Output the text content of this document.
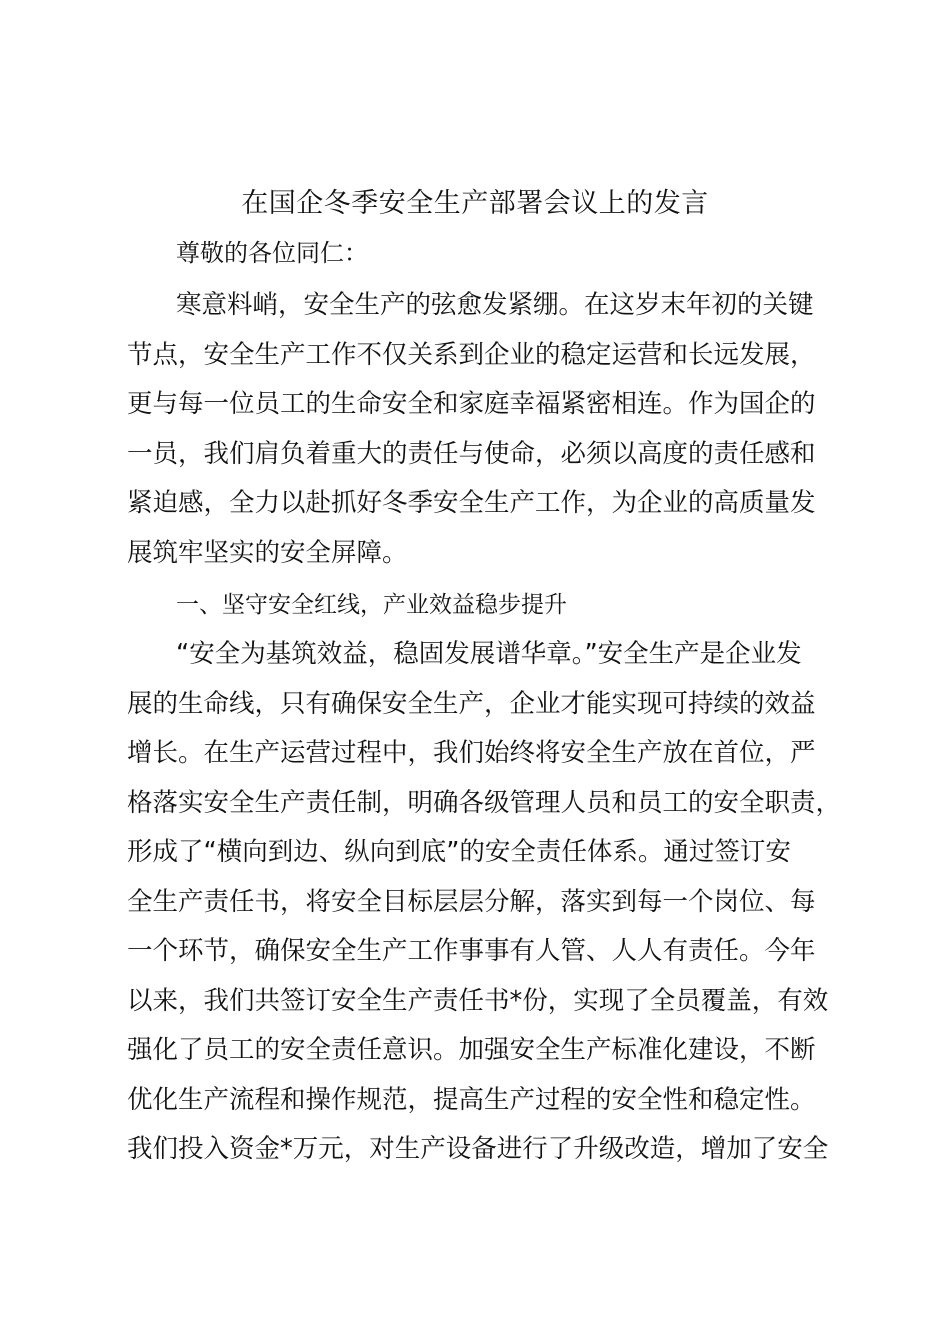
在国企冬季安全生产部署会议上的发言
尊敬的各位同仁：
寒意料峭，安全生产的弦愈发紧绷。在这岁末年初的关键
节点，安全生产工作不仅关系到企业的稳定运营和长远发展，
更与每一位员工的生命安全和家庭幸福紧密相连。作为国企的
一员，我们肩负着重大的责任与使命，必须以高度的责任感和
紧迫感，全力以赴抓好冬季安全生产工作，为企业的高质量发
展筑牢坚实的安全屏障。
一、坚守安全红线，产业效益稳步提升
“安全为基筑效益，稳固发展谱华章。”安全生产是企业发
展的生命线，只有确保安全生产，企业才能实现可持续的效益
增长。在生产运营过程中，我们始终将安全生产放在首位，严
格落实安全生产责任制，明确各级管理人员和员工的安全职责，
形成了“横向到边、纵向到底”的安全责任体系。通过签订安
全生产责任书，将安全目标层层分解，落实到每一个岗位、每
一个环节，确保安全生产工作事事有人管、人人有责任。今年
以来，我们共签订安全生产责任书*份，实现了全员覆盖，有效
强化了员工的安全责任意识。加强安全生产标准化建设，不断
优化生产流程和操作规范，提高生产过程的安全性和稳定性。
我们投入资金*万元，对生产设备进行了升级改造，增加了安全
